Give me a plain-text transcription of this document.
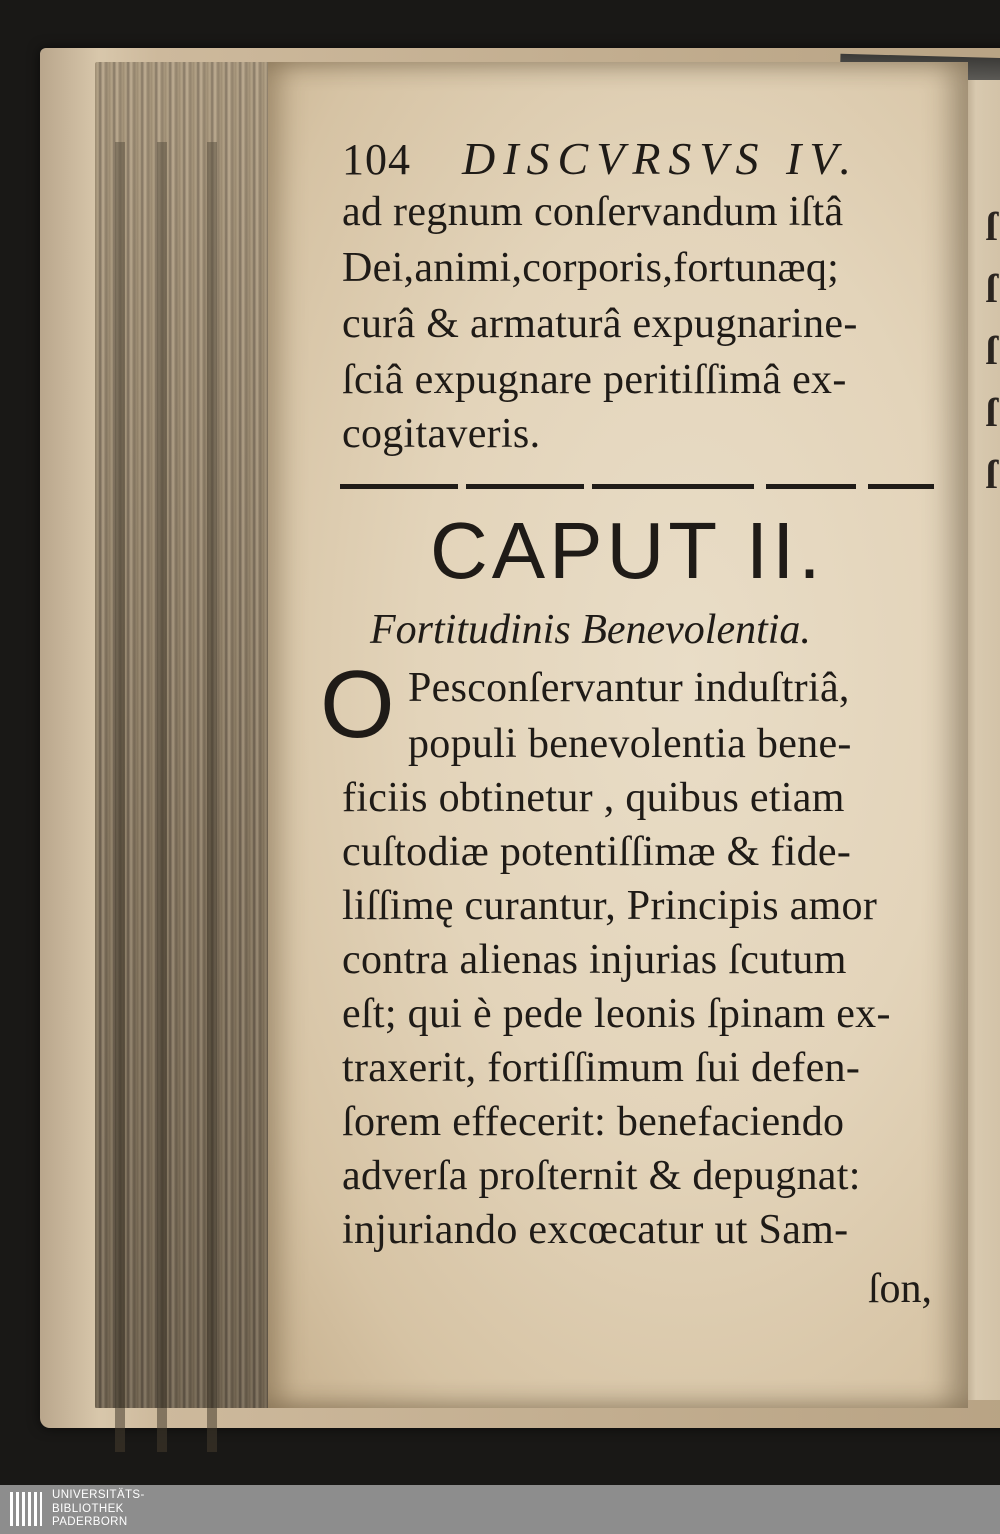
ſ
ſ
ſ
ſ
ſ
104 DISCVRSVS IV.
ad regnum conſervandum iſtâ
Dei,animi,corporis,fortunæq;
curâ & armaturâ expugnarine-
ſciâ expugnare peritiſſimâ ex-
cogitaveris.
CAPUT II.
Fortitudinis Benevolentia.
O Pesconſervantur induſtriâ,
populi benevolentia bene-
ficiis obtinetur , quibus etiam
cuſtodiæ potentiſſimæ & fide-
liſſimę curantur, Principis amor
contra alienas injurias ſcutum
eſt; qui è pede leonis ſpinam ex-
traxerit, fortiſſimum ſui defen-
ſorem effecerit: benefaciendo
adverſa proſternit & depugnat:
injuriando excœcatur ut Sam-
ſon,
UNIVERSITÄTS-
BIBLIOTHEK
PADERBORN
